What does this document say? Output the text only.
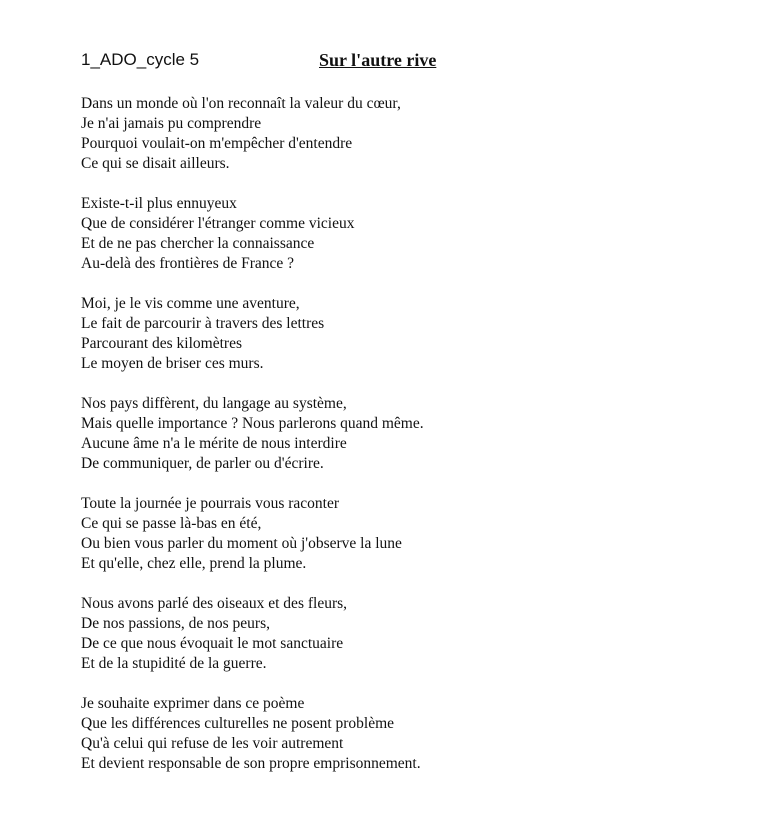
1_ADO_cycle 5	Sur l'autre rive

Dans un monde où l'on reconnaît la valeur du cœur,
Je n'ai jamais pu comprendre
Pourquoi voulait-on m'empêcher d'entendre
Ce qui se disait ailleurs.
Existe-t-il plus ennuyeux
Que de considérer l'étranger comme vicieux
Et de ne pas chercher la connaissance
Au-delà des frontières de France ?
Moi, je le vis comme une aventure,
Le fait de parcourir à travers des lettres
Parcourant des kilomètres
Le moyen de briser ces murs.
Nos pays diffèrent, du langage au système,
Mais quelle importance ? Nous parlerons quand même.
Aucune âme n'a le mérite de nous interdire
De communiquer, de parler ou d'écrire.
Toute la journée je pourrais vous raconter
Ce qui se passe là-bas en été,
Ou bien vous parler du moment où j'observe la lune
Et qu'elle, chez elle, prend la plume.
Nous avons parlé des oiseaux et des fleurs,
De nos passions, de nos peurs,
De ce que nous évoquait le mot sanctuaire
Et de la stupidité de la guerre.
Je souhaite exprimer dans ce poème
Que les différences culturelles ne posent problème
Qu'à celui qui refuse de les voir autrement
Et devient responsable de son propre emprisonnement.
